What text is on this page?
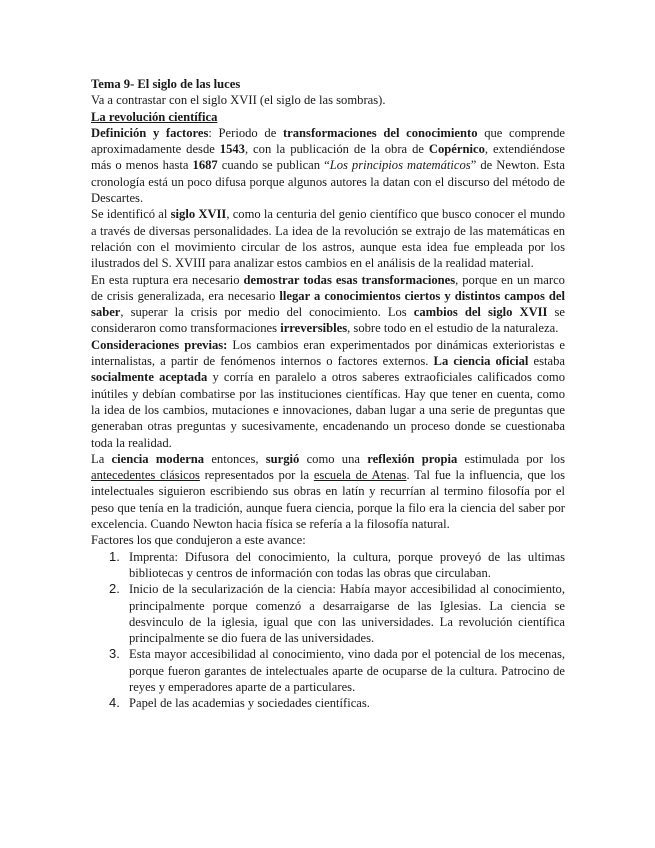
Tema 9- El siglo de las luces

Va a contrastar con el siglo XVII (el siglo de las sombras).

La revolución científica

Definición y factores: Periodo de transformaciones del conocimiento que comprende aproximadamente desde 1543, con la publicación de la obra de Copérnico, extendiéndose más o menos hasta 1687 cuando se publican “Los principios matemáticos” de Newton. Esta cronología está un poco difusa porque algunos autores la datan con el discurso del método de Descartes.

Se identificó al siglo XVII, como la centuria del genio científico que busco conocer el mundo a través de diversas personalidades. La idea de la revolución se extrajo de las matemáticas en relación con el movimiento circular de los astros, aunque esta idea fue empleada por los ilustrados del S. XVIII para analizar estos cambios en el análisis de la realidad material.

En esta ruptura era necesario demostrar todas esas transformaciones, porque en un marco de crisis generalizada, era necesario llegar a conocimientos ciertos y distintos campos del saber, superar la crisis por medio del conocimiento. Los cambios del siglo XVII se consideraron como transformaciones irreversibles, sobre todo en el estudio de la naturaleza.

Consideraciones previas: Los cambios eran experimentados por dinámicas exterioristas e internalistas, a partir de fenómenos internos o factores externos. La ciencia oficial estaba socialmente aceptada y corría en paralelo a otros saberes extraoficiales calificados como inútiles y debían combatirse por las instituciones científicas. Hay que tener en cuenta, como la idea de los cambios, mutaciones e innovaciones, daban lugar a una serie de preguntas que generaban otras preguntas y sucesivamente, encadenando un proceso donde se cuestionaba toda la realidad.

La ciencia moderna entonces, surgió como una reflexión propia estimulada por los antecedentes clásicos representados por la escuela de Atenas. Tal fue la influencia, que los intelectuales siguieron escribiendo sus obras en latín y recurrían al termino filosofía por el peso que tenía en la tradición, aunque fuera ciencia, porque la filo era la ciencia del saber por excelencia. Cuando Newton hacia física se refería a la filosofía natural.

Factores los que condujeron a este avance:

1. Imprenta: Difusora del conocimiento, la cultura, porque proveyó de las ultimas bibliotecas y centros de información con todas las obras que circulaban.
2. Inicio de la secularización de la ciencia: Había mayor accesibilidad al conocimiento, principalmente porque comenzó a desarraigarse de las Iglesias. La ciencia se desvinculo de la iglesia, igual que con las universidades. La revolución científica principalmente se dio fuera de las universidades.
3. Esta mayor accesibilidad al conocimiento, vino dada por el potencial de los mecenas, porque fueron garantes de intelectuales aparte de ocuparse de la cultura. Patrocino de reyes y emperadores aparte de a particulares.
4. Papel de las academias y sociedades científicas.
